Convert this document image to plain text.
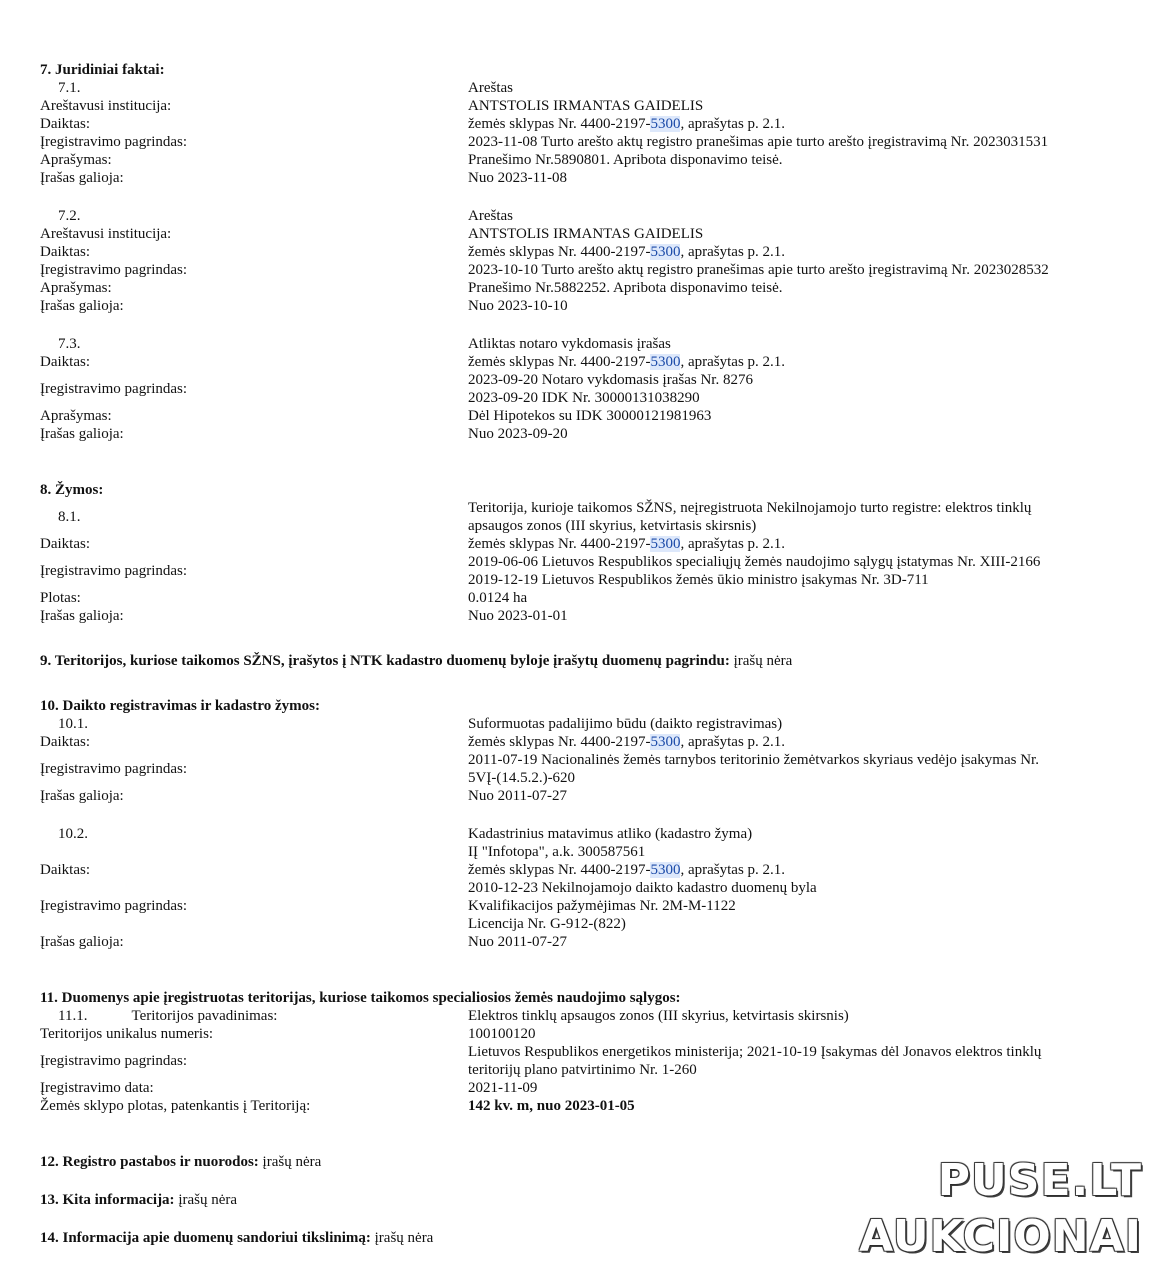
7. Juridiniai faktai:
7.1.	Areštas
Areštavusi institucija:	ANTSTOLIS IRMANTAS GAIDELIS
Daiktas:	žemės sklypas Nr. 4400-2197-5300, aprašytas p. 2.1.
Įregistravimo pagrindas:	2023-11-08 Turto arešto aktų registro pranešimas apie turto arešto įregistravimą Nr. 2023031531
Aprašymas:	Pranešimo Nr.5890801. Apribota disponavimo teisė.
Įrašas galioja:	Nuo 2023-11-08
7.2.	Areštas
Areštavusi institucija:	ANTSTOLIS IRMANTAS GAIDELIS
Daiktas:	žemės sklypas Nr. 4400-2197-5300, aprašytas p. 2.1.
Įregistravimo pagrindas:	2023-10-10 Turto arešto aktų registro pranešimas apie turto arešto įregistravimą Nr. 2023028532
Aprašymas:	Pranešimo Nr.5882252. Apribota disponavimo teisė.
Įrašas galioja:	Nuo 2023-10-10
7.3.	Atliktas notaro vykdomasis įrašas
Daiktas:	žemės sklypas Nr. 4400-2197-5300, aprašytas p. 2.1.
Įregistravimo pagrindas:
2023-09-20 Notaro vykdomasis įrašas Nr. 8276
2023-09-20 IDK Nr. 30000131038290
Aprašymas:	Dėl Hipotekos su IDK 30000121981963
Įrašas galioja:	Nuo 2023-09-20
8. Žymos:
8.1.
Teritorija, kurioje taikomos SŽNS, neįregistruota Nekilnojamojo turto registre: elektros tinklų
apsaugos zonos (III skyrius, ketvirtasis skirsnis)
Daiktas:	žemės sklypas Nr. 4400-2197-5300, aprašytas p. 2.1.
Įregistravimo pagrindas:
2019-06-06 Lietuvos Respublikos specialiųjų žemės naudojimo sąlygų įstatymas Nr. XIII-2166
2019-12-19 Lietuvos Respublikos žemės ūkio ministro įsakymas Nr. 3D-711
Plotas:	0.0124 ha
Įrašas galioja:	Nuo 2023-01-01
9. Teritorijos, kuriose taikomos SŽNS, įrašytos į NTK kadastro duomenų byloje įrašytų duomenų pagrindu: įrašų nėra
10. Daikto registravimas ir kadastro žymos:
10.1.	Suformuotas padalijimo būdu (daikto registravimas)
Daiktas:	žemės sklypas Nr. 4400-2197-5300, aprašytas p. 2.1.
Įregistravimo pagrindas:
2011-07-19 Nacionalinės žemės tarnybos teritorinio žemėtvarkos skyriaus vedėjo įsakymas Nr.
5VĮ-(14.5.2.)-620
Įrašas galioja:	Nuo 2011-07-27
10.2.	Kadastrinius matavimus atliko (kadastro žyma)
IĮ "Infotopa", a.k. 300587561
Daiktas:	žemės sklypas Nr. 4400-2197-5300, aprašytas p. 2.1.
Įregistravimo pagrindas:
2010-12-23 Nekilnojamojo daikto kadastro duomenų byla
Kvalifikacijos pažymėjimas Nr. 2M-M-1122
Licencija Nr. G-912-(822)
Įrašas galioja:	Nuo 2011-07-27
11. Duomenys apie įregistruotas teritorijas, kuriose taikomos specialiosios žemės naudojimo sąlygos:
11.1.	Teritorijos pavadinimas:	Elektros tinklų apsaugos zonos (III skyrius, ketvirtasis skirsnis)
Teritorijos unikalus numeris:	100100120
Įregistravimo pagrindas:
Lietuvos Respublikos energetikos ministerija; 2021-10-19 Įsakymas dėl Jonavos elektros tinklų
teritorijų plano patvirtinimo Nr. 1-260
Įregistravimo data:	2021-11-09
Žemės sklypo plotas, patenkantis į Teritoriją:	142 kv. m, nuo 2023-01-05
12. Registro pastabos ir nuorodos: įrašų nėra
13. Kita informacija: įrašų nėra
14. Informacija apie duomenų sandoriui tikslinimą: įrašų nėra
PUSE.LT
AUKCIONAI
